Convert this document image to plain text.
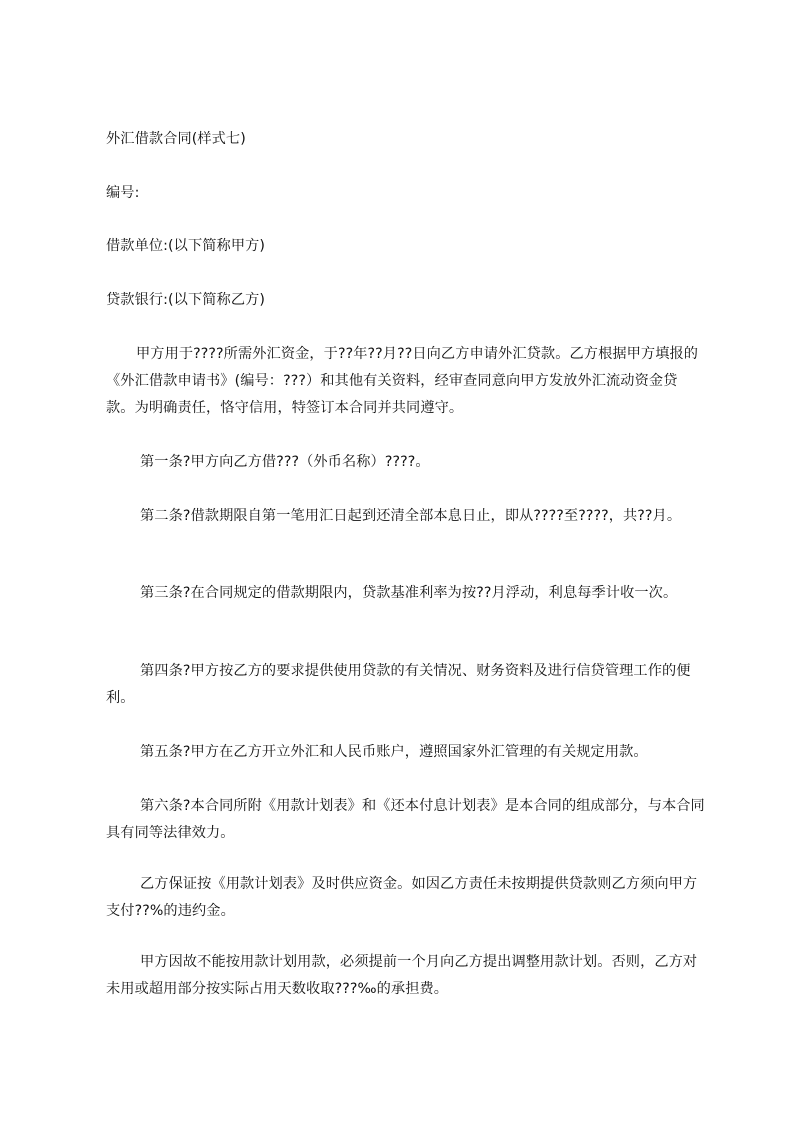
外汇借款合同(样式七)

编号:

借款单位:(以下简称甲方)

贷款银行:(以下简称乙方)

甲方用于????所需外汇资金，于??年??月??日向乙方申请外汇贷款。乙方根据甲方填报的《外汇借款申请书》(编号：???）和其他有关资料，经审查同意向甲方发放外汇流动资金贷款。为明确责任，恪守信用，特签订本合同并共同遵守。

第一条?甲方向乙方借???（外币名称）????。

第二条?借款期限自第一笔用汇日起到还清全部本息日止，即从????至????，共??月。

第三条?在合同规定的借款期限内，贷款基准利率为按??月浮动，利息每季计收一次。

第四条?甲方按乙方的要求提供使用贷款的有关情况、财务资料及进行信贷管理工作的便利。

第五条?甲方在乙方开立外汇和人民币账户，遵照国家外汇管理的有关规定用款。

第六条?本合同所附《用款计划表》和《还本付息计划表》是本合同的组成部分，与本合同具有同等法律效力。

乙方保证按《用款计划表》及时供应资金。如因乙方责任未按期提供贷款则乙方须向甲方支付??%的违约金。

甲方因故不能按用款计划用款，必须提前一个月向乙方提出调整用款计划。否则，乙方对未用或超用部分按实际占用天数收取???‰的承担费。
